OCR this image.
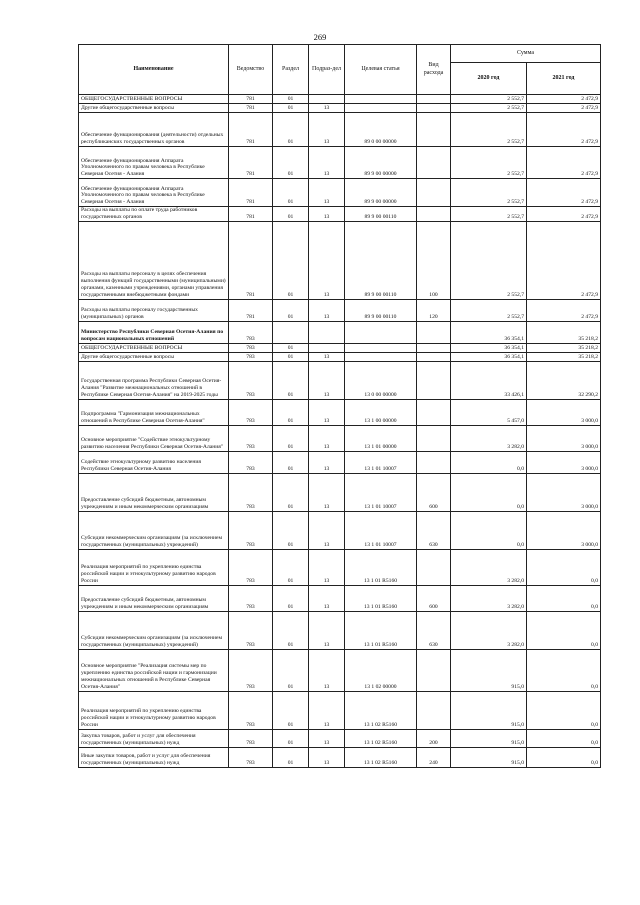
269
Наименование	Ведомство	Раздел	Подраз-дел	Целевая статья	Вид расхода	Сумма	
						2020 год	2021 год
ОБЩЕГОСУДАРСТВЕННЫЕ ВОПРОСЫ	781	01				2 552,7	2 472,9
Другие общегосударственные вопросы	781	01	13			2 552,7	2 472,9
Обеспечение функционирования (деятельности) отдельных республиканских государственных органов	781	01	13	89 0 00 00000		2 552,7	2 472,9
Обеспечение функционирования Аппарата Уполномоченного по правам человека в Республике Северная Осетия - Алания	781	01	13	89 9 00 00000		2 552,7	2 472,9
Обеспечение функционирования Аппарата Уполномоченного по правам человека в Республике Северная Осетия - Алания	781	01	13	89 9 00 00000		2 552,7	2 472,9
Расходы на выплаты по оплате труда работников государственных органов	781	01	13	89 9 00 00110		2 552,7	2 472,9
Расходы на выплаты персоналу в целях обеспечения выполнения функций государственными (муниципальными) органами, казенными учреждениями, органами управления государственными внебюджетными фондами	781	01	13	89 9 00 00110	100	2 552,7	2 472,9
Расходы на выплаты персоналу государственных (муниципальных) органов	781	01	13	89 9 00 00110	120	2 552,7	2 472,9
Министерство Республики Северная Осетия-Алания по вопросам национальных отношений	783					36 354,1	35 218,2
ОБЩЕГОСУДАРСТВЕННЫЕ ВОПРОСЫ	783	01				36 354,1	35 218,2
Другие общегосударственные вопросы	783	01	13			36 354,1	35 218,2
Государственная программа Республики Северная Осетия-Алания "Развитие межнациональных отношений в Республике Северная Осетия-Алания" на 2019-2025 годы	783	01	13	13 0 00 00000		33 426,1	32 290,2
Подпрограмма "Гармонизация межнациональных отношений в Республике Северная Осетия-Алания"	783	01	13	13 1 00 00000		5 457,0	3 000,0
Основное мероприятие "Содействие этнокультурному развитию населения Республики Северная Осетия-Алания"	783	01	13	13 1 01 00000		3 282,0	3 000,0
Содействие этнокультурному развитию населения Республики Северная Осетия-Алания	783	01	13	13 1 01 10007		0,0	3 000,0
Предоставление субсидий бюджетным, автономным учреждениям и иным некоммерческим организациям	783	01	13	13 1 01 10007	600	0,0	3 000,0
Субсидии некоммерческим организациям (за исключением государственных (муниципальных) учреждений)	783	01	13	13 1 01 10007	630	0,0	3 000,0
Реализация мероприятий по укреплению единства российской нации и этнокультурному развитию народов России	783	01	13	13 1 01 R5160		3 282,0	0,0
Предоставление субсидий бюджетным, автономным учреждениям и иным некоммерческим организациям	783	01	13	13 1 01 R5160	600	3 282,0	0,0
Субсидии некоммерческим организациям (за исключением государственных (муниципальных) учреждений)	783	01	13	13 1 01 R5160	630	3 282,0	0,0
Основное мероприятие "Реализация системы мер по укреплению единства российской нации и гармонизации межнациональных отношений в Республике Северная Осетия-Алания"	783	01	13	13 1 02 00000		915,0	0,0
Реализация мероприятий по укреплению единства российской нации и этнокультурному развитию народов России	783	01	13	13 1 02 R5160		915,0	0,0
Закупка товаров, работ и услуг для обеспечения государственных (муниципальных) нужд	783	01	13	13 1 02 R5160	200	915,0	0,0
Иные закупки товаров, работ и услуг для обеспечения государственных (муниципальных) нужд	783	01	13	13 1 02 R5160	240	915,0	0,0
